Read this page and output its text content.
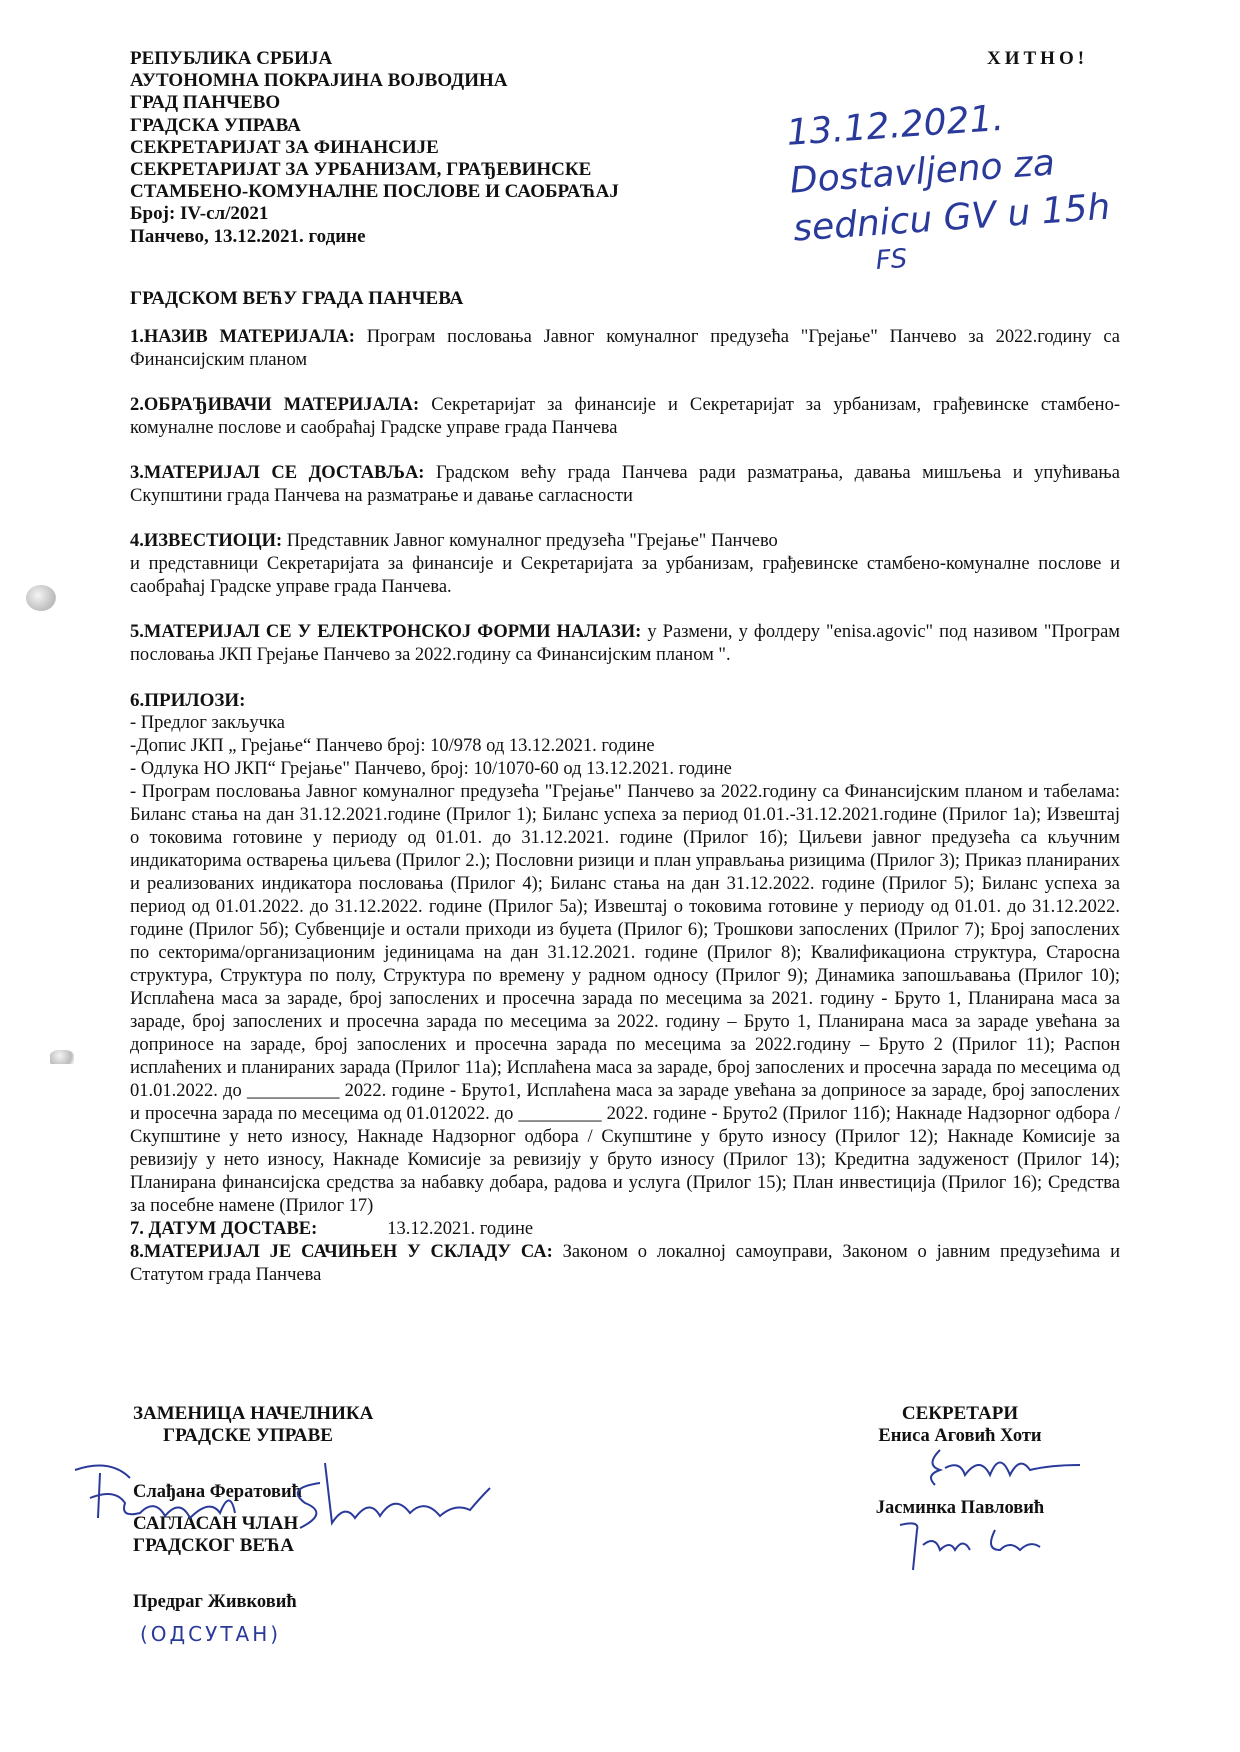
РЕПУБЛИКА СРБИЈА
АУТОНОМНА ПОКРАЈИНА ВОЈВОДИНА
ГРАД ПАНЧЕВО
ГРАДСКА УПРАВА
СЕКРЕТАРИЈАТ ЗА ФИНАНСИЈЕ
СЕКРЕТАРИЈАТ ЗА УРБАНИЗАМ, ГРАЂЕВИНСКЕ
СТАМБЕНО-КОМУНАЛНЕ ПОСЛОВЕ И САОБРАЋАЈ
Број: IV-сл/2021
Панчево, 13.12.2021. године
ХИТНО!
13.12.2021.
Dostavljeno za
sednicu GV u 15h
FS
ГРАДСКОМ ВЕЋУ ГРАДА ПАНЧЕВА

1.НАЗИВ МАТЕРИЈАЛА: Програм пословања Јавног комуналног предузећа "Грејање" Панчево за 2022.годину са Финансијским планом

2.ОБРАЂИВАЧИ МАТЕРИЈАЛА: Секретаријат за финансије и Секретаријат за урбанизам, грађевинске стамбено-комуналне послове и саобраћај Градске управе града Панчева

3.МАТЕРИЈАЛ СЕ ДОСТАВЉА: Градском већу града Панчева ради разматрања, давања мишљења и упућивања Скупштини града Панчева на разматрање и давање сагласности

4.ИЗВЕСТИОЦИ: Представник Јавног комуналног предузећа "Грејање" Панчево
и представници Секретаријата за финансије и Секретаријата за урбанизам, грађевинске стамбено-комуналне послове и саобраћај Градске управе града Панчева.

5.МАТЕРИЈАЛ СЕ У ЕЛЕКТРОНСКОЈ ФОРМИ НАЛАЗИ: у Размени, у фолдеру "enisa.agovic" под називом "Програм пословања ЈКП Грејање Панчево за 2022.годину са Финансијским планом ".

6.ПРИЛОЗИ:
- Предлог закључка
-Допис ЈКП „ Грејање“ Панчево број: 10/978 од 13.12.2021. године
- Одлука НО ЈКП“ Грејање" Панчево, број: 10/1070-60 од 13.12.2021. године
- Програм пословања Јавног комуналног предузећа "Грејање" Панчево за 2022.годину са Финансијским планом и табелама: Биланс стања на дан 31.12.2021.године (Прилог 1); Биланс успеха за период 01.01.-31.12.2021.године (Прилог 1а); Извештај о токовима готовине у периоду од 01.01. до 31.12.2021. године (Прилог 1б); Циљеви јавног предузећа са кључним индикаторима остварења циљева (Прилог 2.); Пословни ризици и план управљања ризицима (Прилог 3); Приказ планираних и реализованих индикатора пословања (Прилог 4); Биланс стања на дан 31.12.2022. године (Прилог 5); Биланс успеха за период од 01.01.2022. до 31.12.2022. године (Прилог 5а); Извештај о токовима готовине у периоду од 01.01. до 31.12.2022. године (Прилог 5б); Субвенције и остали приходи из буџета (Прилог 6); Трошкови запослених (Прилог 7); Број запослених по секторима/организационим јединицама на дан 31.12.2021. године (Прилог 8); Квалификациона структура, Старосна структура, Структура по полу, Структура по времену у радном односу (Прилог 9); Динамика запошљавања (Прилог 10); Исплаћена маса за зараде, број запослених и просечна зарада по месецима за 2021. годину - Бруто 1, Планирана маса за зараде, број запослених и просечна зарада по месецима за 2022. годину – Бруто 1, Планирана маса за зараде увећана за доприносе на зараде, број запослених и просечна зарада по месецима за 2022.годину – Бруто 2 (Прилог 11); Распон исплаћених и планираних зарада (Прилог 11а); Исплаћена маса за зараде, број запослених и просечна зарада по месецима од 01.01.2022. до __________ 2022. године - Бруто1, Исплаћена маса за зараде увећана за доприносе за зараде, број запослених и просечна зарада по месецима од 01.012022. до _________ 2022. године - Бруто2 (Прилог 11б); Накнаде Надзорног одбора / Скупштине у нето износу, Накнаде Надзорног одбора / Скупштине у бруто износу (Прилог 12); Накнаде Комисије за ревизију у нето износу, Накнаде Комисије за ревизију у бруто износу (Прилог 13); Кредитна задуженост (Прилог 14); Планирана финансијска средства за набавку добара, радова и услуга (Прилог 15); План инвестиција (Прилог 16); Средства за посебне намене (Прилог 17)

7. ДАТУМ ДОСТАВЕ:	13.12.2021. године

8.МАТЕРИЈАЛ ЈЕ САЧИЊЕН У СКЛАДУ СА: Законом о локалној самоуправи, Законом о јавним предузећима и Статутом града Панчева

ЗАМЕНИЦА НАЧЕЛНИКА
ГРАДСКЕ УПРАВЕ
Слађана Ферaтовић
САГЛАСАН ЧЛАН
ГРАДСКОГ ВЕЋА
Предраг Живковић
(ОДСУТАН)
СЕКРЕТАРИ
Ениса Аговић Хоти
Јасминка Павловић
